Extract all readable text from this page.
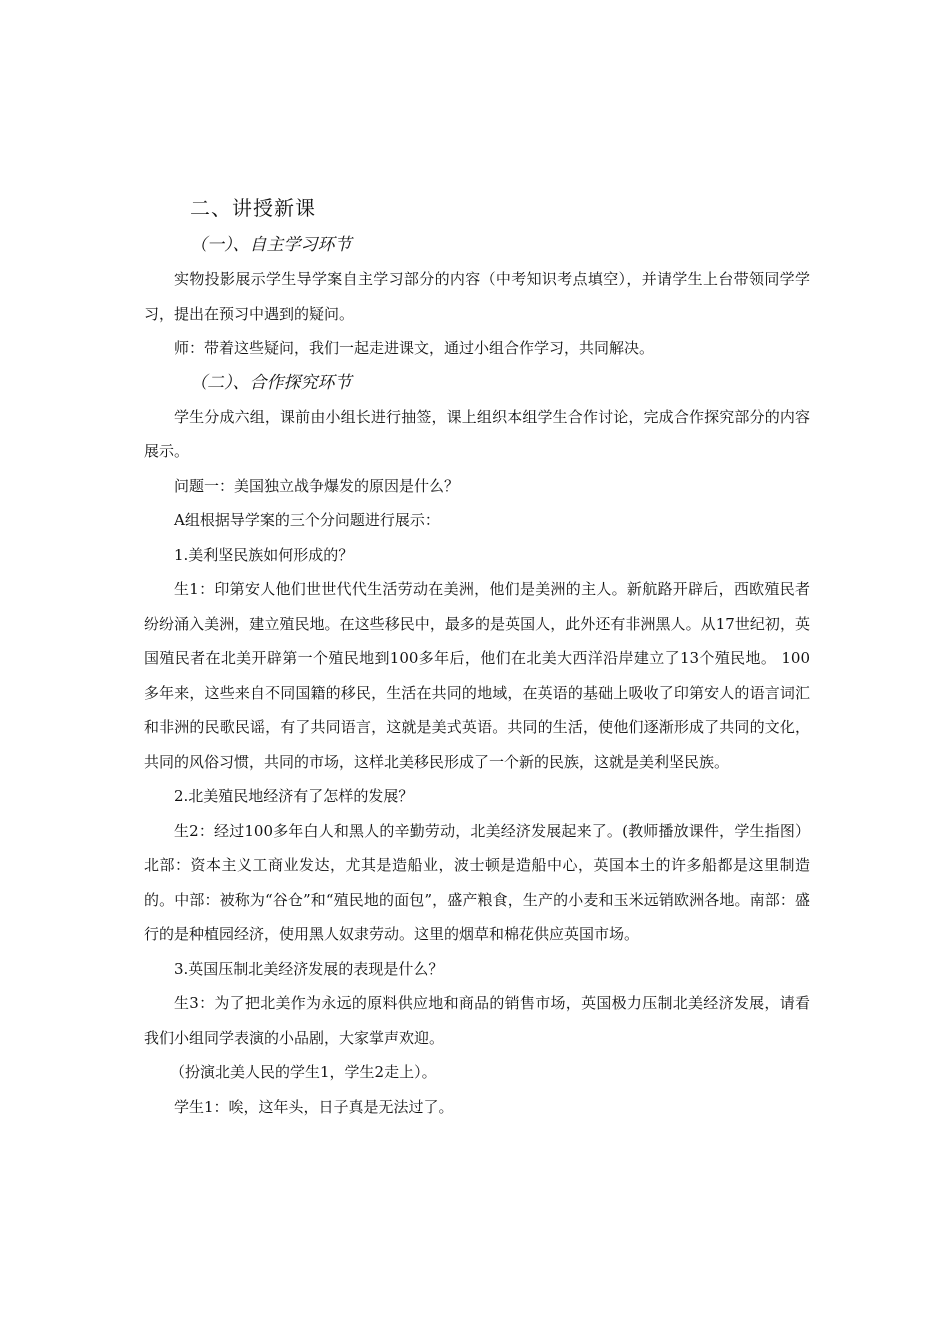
二、讲授新课
（一）、自主学习环节

实物投影展示学生导学案自主学习部分的内容（中考知识考点填空），并请学生上台带领同学学习，提出在预习中遇到的疑问。

师：带着这些疑问，我们一起走进课文，通过小组合作学习，共同解决。

（二）、合作探究环节

学生分成六组，课前由小组长进行抽签，课上组织本组学生合作讨论，完成合作探究部分的内容展示。

问题一：美国独立战争爆发的原因是什么？

A组根据导学案的三个分问题进行展示：

1.美利坚民族如何形成的？

生1：印第安人他们世世代代生活劳动在美洲，他们是美洲的主人。新航路开辟后，西欧殖民者纷纷涌入美洲，建立殖民地。在这些移民中，最多的是英国人，此外还有非洲黑人。从17世纪初，英国殖民者在北美开辟第一个殖民地到100多年后，他们在北美大西洋沿岸建立了13个殖民地。 100多年来，这些来自不同国籍的移民，生活在共同的地域，在英语的基础上吸收了印第安人的语言词汇和非洲的民歌民谣，有了共同语言，这就是美式英语。共同的生活，使他们逐渐形成了共同的文化，共同的风俗习惯，共同的市场，这样北美移民形成了一个新的民族，这就是美利坚民族。

2.北美殖民地经济有了怎样的发展？

生2：经过100多年白人和黑人的辛勤劳动，北美经济发展起来了。(教师播放课件，学生指图）北部：资本主义工商业发达，尤其是造船业，波士顿是造船中心，英国本土的许多船都是这里制造的。中部：被称为“谷仓”和“殖民地的面包”，盛产粮食，生产的小麦和玉米远销欧洲各地。南部：盛行的是种植园经济，使用黑人奴隶劳动。这里的烟草和棉花供应英国市场。

3.英国压制北美经济发展的表现是什么？

生3：为了把北美作为永远的原料供应地和商品的销售市场，英国极力压制北美经济发展，请看我们小组同学表演的小品剧，大家掌声欢迎。

（扮演北美人民的学生1，学生2走上）。

学生1：唉，这年头，日子真是无法过了。
